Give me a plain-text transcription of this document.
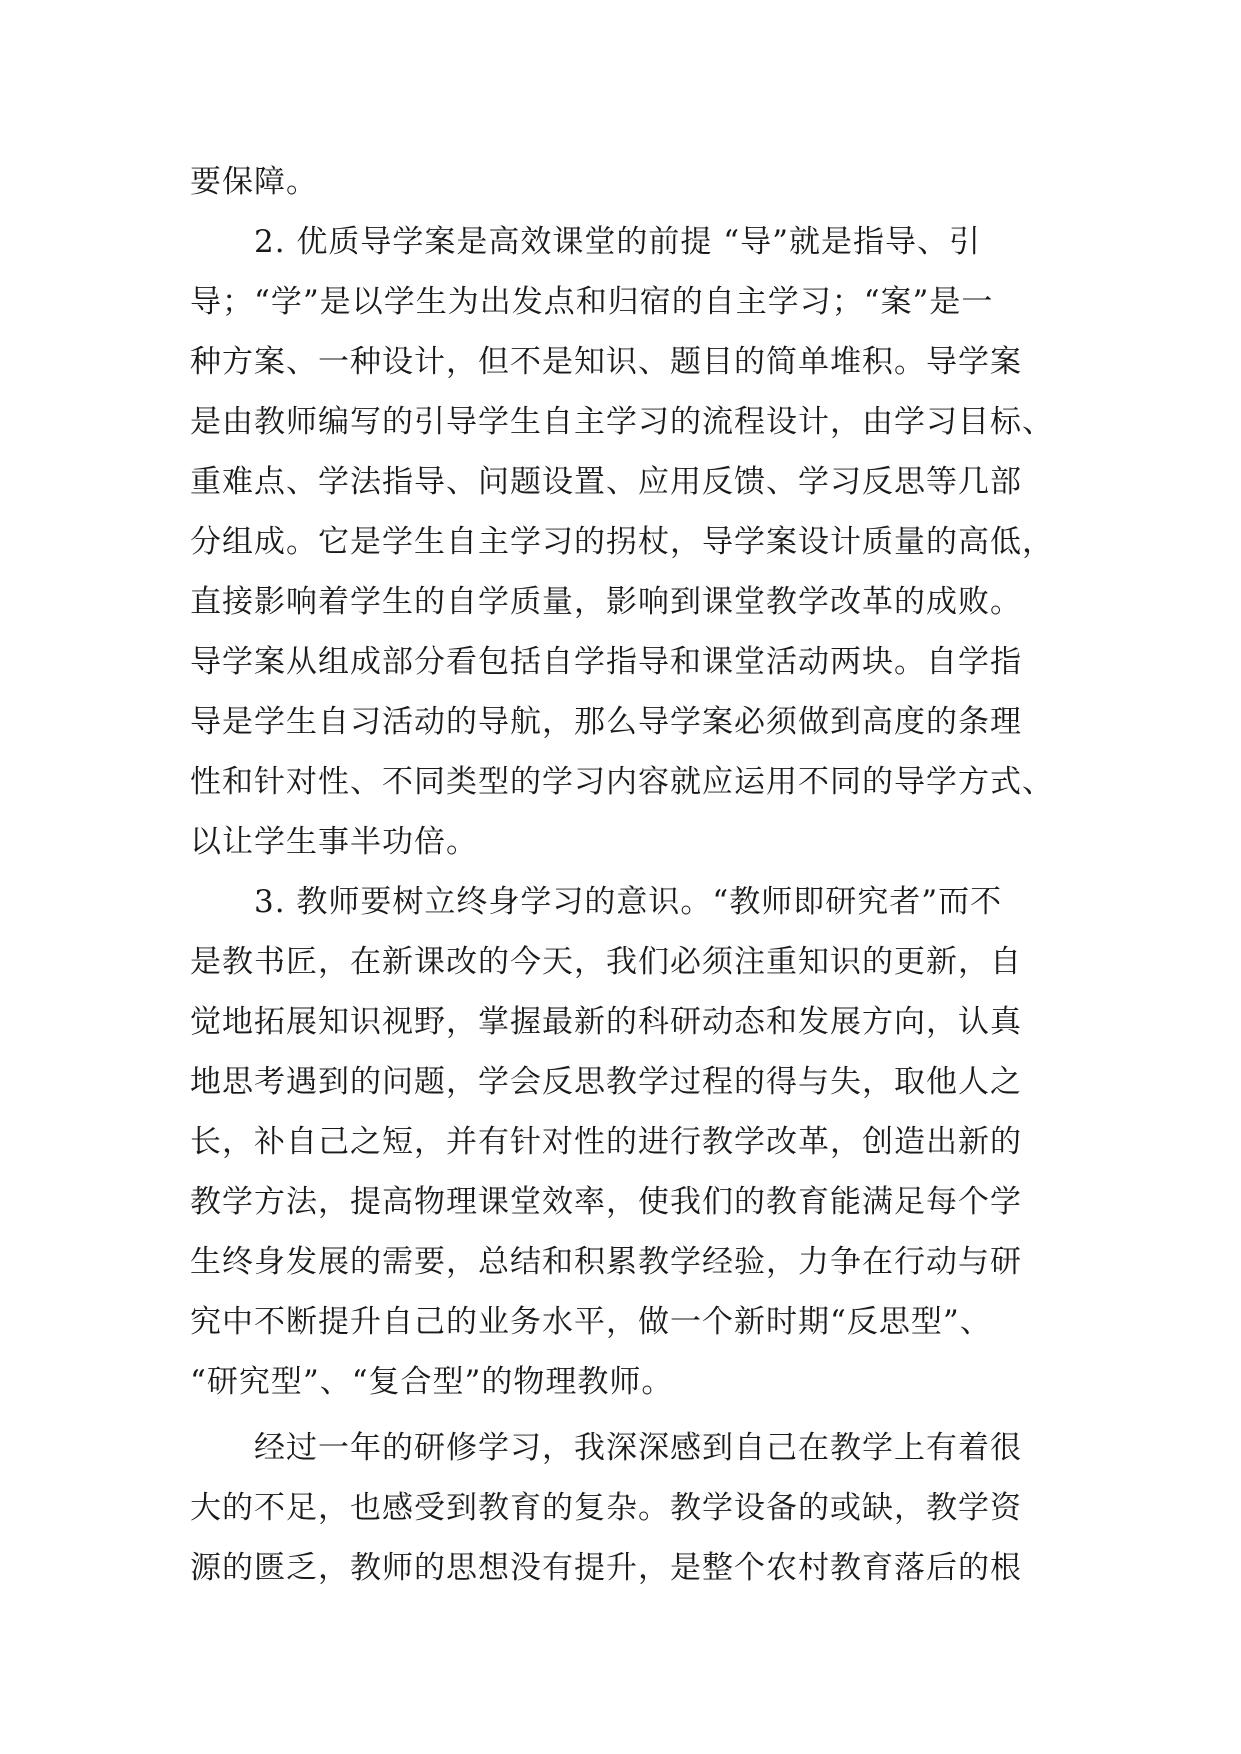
要保障。
2. 优质导学案是高效课堂的前提 “导”就是指导、引
导；“学”是以学生为出发点和归宿的自主学习；“案”是一
种方案、一种设计，但不是知识、题目的简单堆积。导学案
是由教师编写的引导学生自主学习的流程设计，由学习目标、
重难点、学法指导、问题设置、应用反馈、学习反思等几部
分组成。它是学生自主学习的拐杖，导学案设计质量的高低，
直接影响着学生的自学质量，影响到课堂教学改革的成败。
导学案从组成部分看包括自学指导和课堂活动两块。自学指
导是学生自习活动的导航，那么导学案必须做到高度的条理
性和针对性、不同类型的学习内容就应运用不同的导学方式、
以让学生事半功倍。
3. 教师要树立终身学习的意识。“教师即研究者”而不
是教书匠，在新课改的今天，我们必须注重知识的更新，自
觉地拓展知识视野，掌握最新的科研动态和发展方向，认真
地思考遇到的问题，学会反思教学过程的得与失，取他人之
长，补自己之短，并有针对性的进行教学改革，创造出新的
教学方法，提高物理课堂效率，使我们的教育能满足每个学
生终身发展的需要，总结和积累教学经验，力争在行动与研
究中不断提升自己的业务水平，做一个新时期“反思型”、
“研究型”、“复合型”的物理教师。
经过一年的研修学习，我深深感到自己在教学上有着很
大的不足，也感受到教育的复杂。教学设备的或缺，教学资
源的匮乏，教师的思想没有提升，是整个农村教育落后的根
